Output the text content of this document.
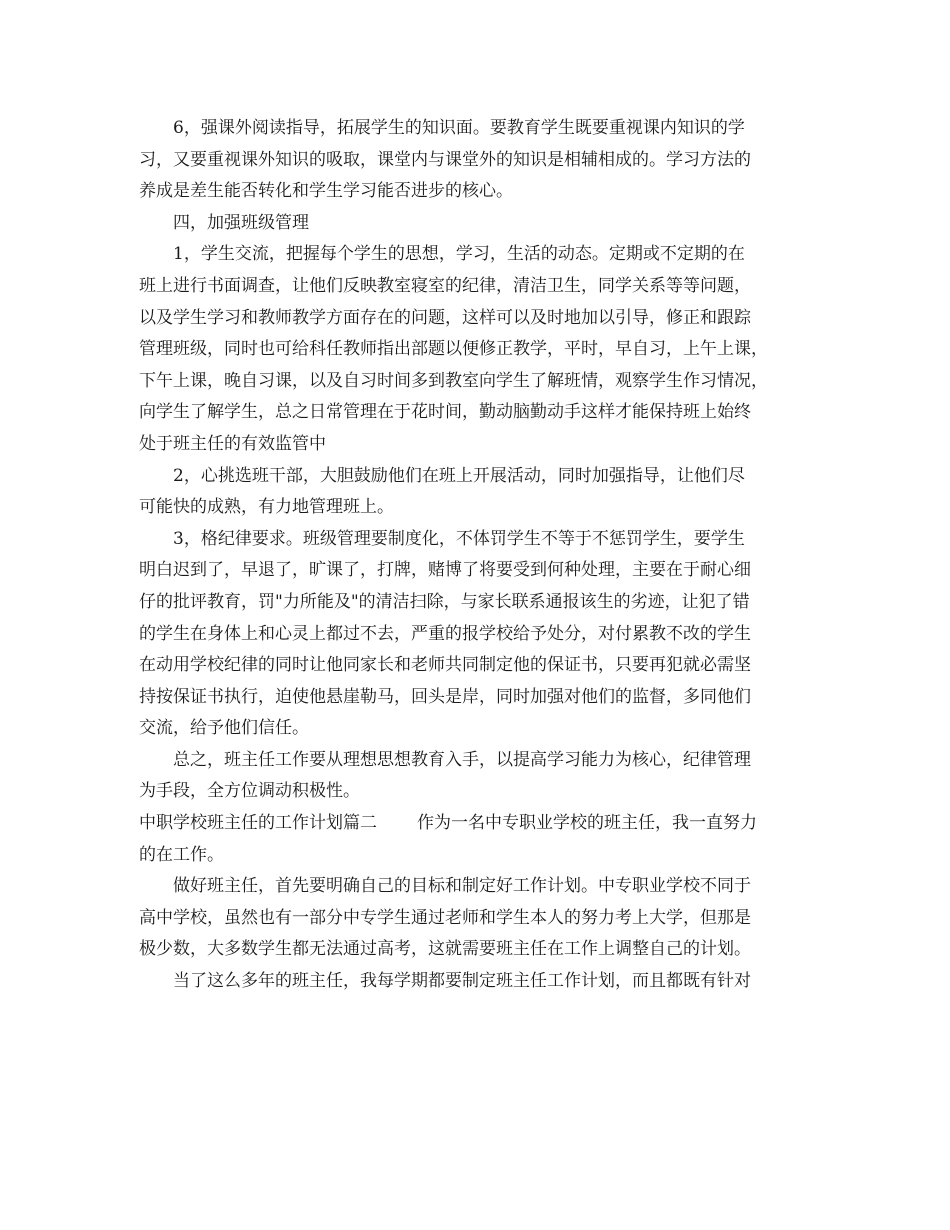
6，强课外阅读指导，拓展学生的知识面。要教育学生既要重视课内知识的学
习，又要重视课外知识的吸取，课堂内与课堂外的知识是相辅相成的。学习方法的
养成是差生能否转化和学生学习能否进步的核心。
四，加强班级管理
1，学生交流，把握每个学生的思想，学习，生活的动态。定期或不定期的在
班上进行书面调查，让他们反映教室寝室的纪律，清洁卫生，同学关系等等问题，
以及学生学习和教师教学方面存在的问题，这样可以及时地加以引导，修正和跟踪
管理班级，同时也可给科任教师指出部题以便修正教学，平时，早自习，上午上课，
下午上课，晚自习课，以及自习时间多到教室向学生了解班情，观察学生作习情况，
向学生了解学生，总之日常管理在于花时间，勤动脑勤动手这样才能保持班上始终
处于班主任的有效监管中
2，心挑选班干部，大胆鼓励他们在班上开展活动，同时加强指导，让他们尽
可能快的成熟，有力地管理班上。
3，格纪律要求。班级管理要制度化，不体罚学生不等于不惩罚学生，要学生
明白迟到了，早退了，旷课了，打牌，赌博了将要受到何种处理，主要在于耐心细
仔的批评教育，罚"力所能及"的清洁扫除，与家长联系通报该生的劣迹，让犯了错
的学生在身体上和心灵上都过不去，严重的报学校给予处分，对付累教不改的学生
在动用学校纪律的同时让他同家长和老师共同制定他的保证书，只要再犯就必需坚
持按保证书执行，迫使他悬崖勒马，回头是岸，同时加强对他们的监督，多同他们
交流，给予他们信任。
总之，班主任工作要从理想思想教育入手，以提高学习能力为核心，纪律管理
为手段，全方位调动积极性。
中职学校班主任的工作计划篇二 作为一名中专职业学校的班主任，我一直努力
的在工作。
做好班主任，首先要明确自己的目标和制定好工作计划。中专职业学校不同于
高中学校，虽然也有一部分中专学生通过老师和学生本人的努力考上大学，但那是
极少数，大多数学生都无法通过高考，这就需要班主任在工作上调整自己的计划。
当了这么多年的班主任，我每学期都要制定班主任工作计划，而且都既有针对
